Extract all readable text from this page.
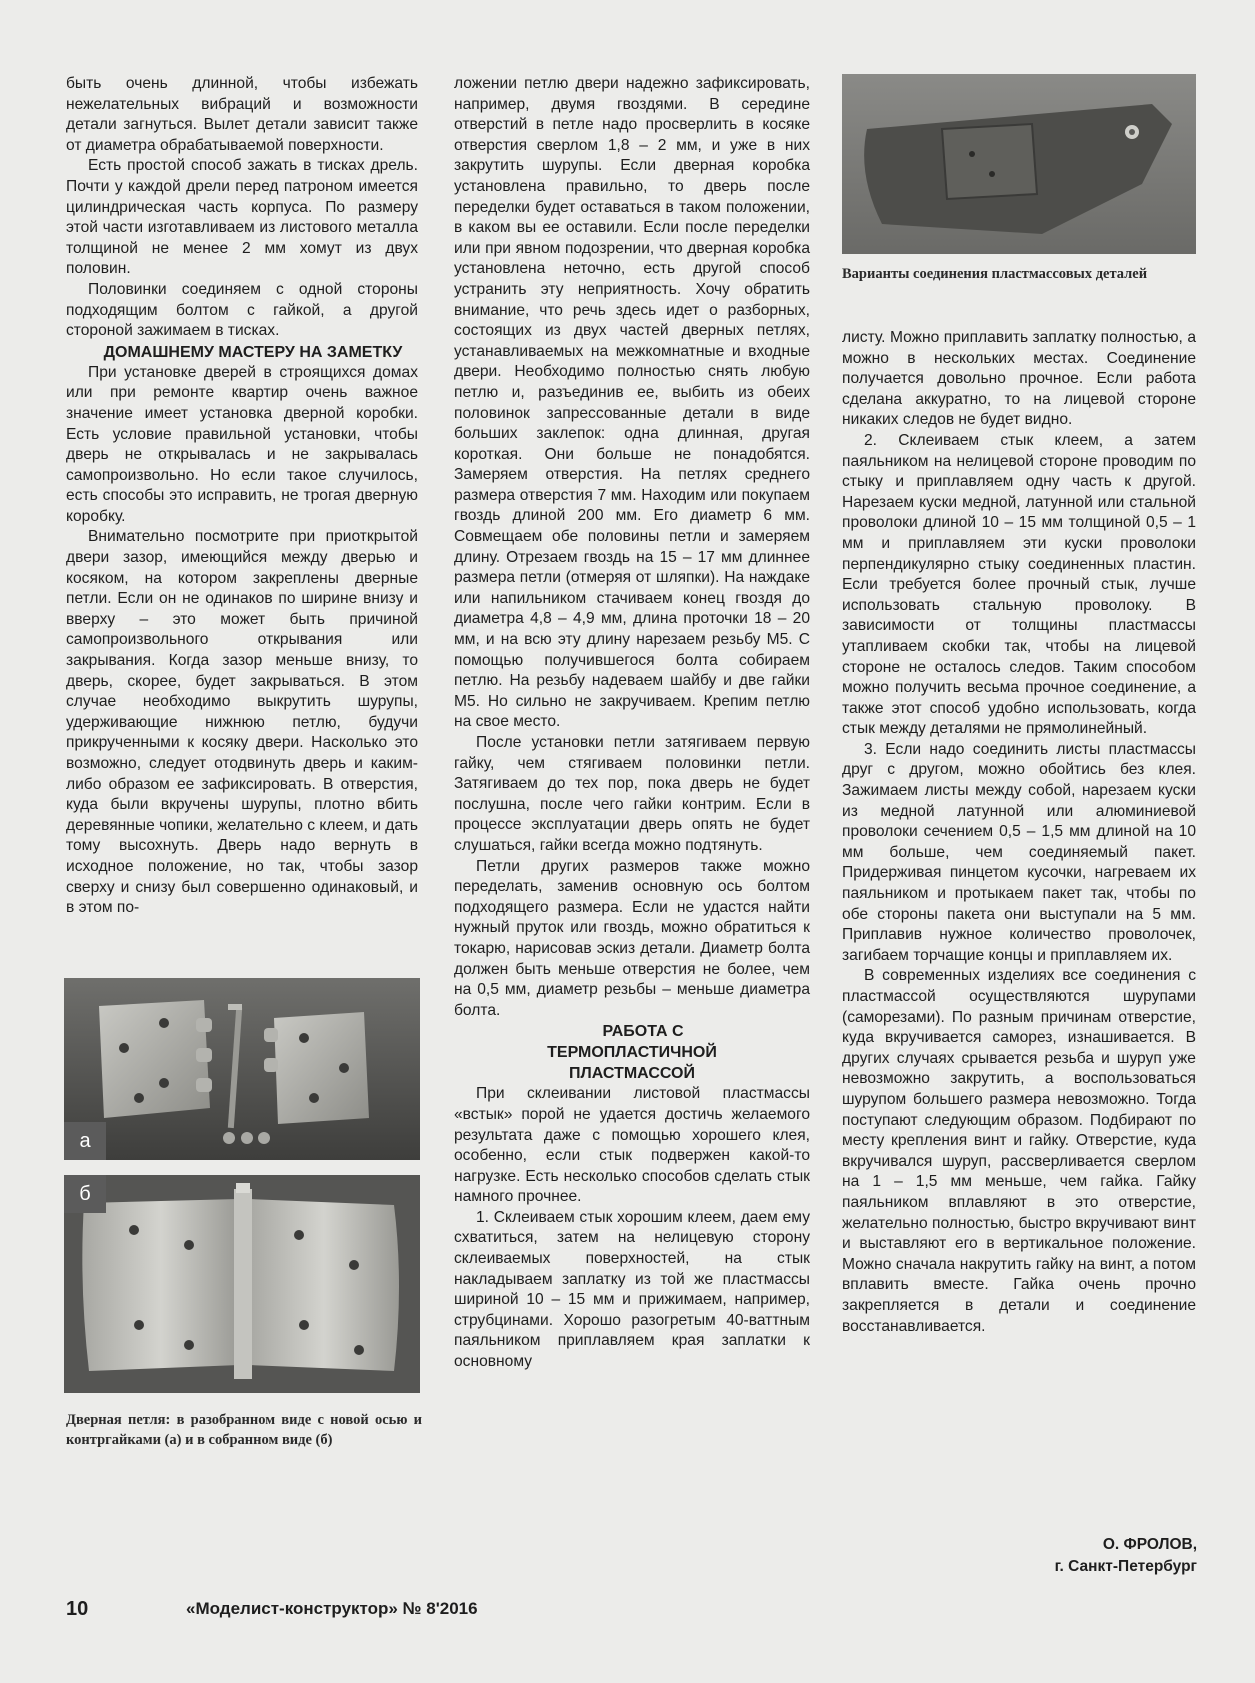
быть очень длинной, чтобы избежать нежелательных вибраций и возможности детали загнуться. Вылет детали зависит также от диаметра обрабатываемой поверхности.

Есть простой способ зажать в тисках дрель. Почти у каждой дрели перед патроном имеется цилиндрическая часть корпуса. По размеру этой части изготавливаем из листового металла толщиной не менее 2 мм хомут из двух половин.

Половинки соединяем с одной стороны подходящим болтом с гайкой, а другой стороной зажимаем в тисках.

ДОМАШНЕМУ МАСТЕРУ НА ЗАМЕТКУ

При установке дверей в строящихся домах или при ремонте квартир очень важное значение имеет установка дверной коробки. Есть условие правильной установки, чтобы дверь не открывалась и не закрывалась самопроизвольно. Но если такое случилось, есть способы это исправить, не трогая дверную коробку.

Внимательно посмотрите при приоткрытой двери зазор, имеющийся между дверью и косяком, на котором закреплены дверные петли. Если он не одинаков по ширине внизу и вверху – это может быть причиной самопроизвольного открывания или закрывания. Когда зазор меньше внизу, то дверь, скорее, будет закрываться. В этом случае необходимо выкрутить шурупы, удерживающие нижнюю петлю, будучи прикрученными к косяку двери. Насколько это возможно, следует отодвинуть дверь и каким-либо образом ее зафиксировать. В отверстия, куда были вкручены шурупы, плотно вбить деревянные чопики, желательно с клеем, и дать тому высохнуть. Дверь надо вернуть в исходное положение, но так, чтобы зазор сверху и снизу был совершенно одинаковый, и в этом по-

а
б
Дверная петля: в разобранном виде с новой осью и контргайками (а) и в собранном виде (б)

ложении петлю двери надежно зафиксировать, например, двумя гвоздями. В середине отверстий в петле надо просверлить в косяке отверстия сверлом 1,8 – 2 мм, и уже в них закрутить шурупы. Если дверная коробка установлена правильно, то дверь после переделки будет оставаться в таком положении, в каком вы ее оставили. Если после переделки или при явном подозрении, что дверная коробка установлена неточно, есть другой способ устранить эту неприятность. Хочу обратить внимание, что речь здесь идет о разборных, состоящих из двух частей дверных петлях, устанавливаемых на межкомнатные и входные двери. Необходимо полностью снять любую петлю и, разъединив ее, выбить из обеих половинок запрессованные детали в виде больших заклепок: одна длинная, другая короткая. Они больше не понадобятся. Замеряем отверстия. На петлях среднего размера отверстия 7 мм. Находим или покупаем гвоздь длиной 200 мм. Его диаметр 6 мм. Совмещаем обе половины петли и замеряем длину. Отрезаем гвоздь на 15 – 17 мм длиннее размера петли (отмеряя от шляпки). На наждаке или напильником стачиваем конец гвоздя до диаметра 4,8 – 4,9 мм, длина проточки 18 – 20 мм, и на всю эту длину нарезаем резьбу М5. С помощью получившегося болта собираем петлю. На резьбу надеваем шайбу и две гайки М5. Но сильно не закручиваем. Крепим петлю на свое место.

После установки петли затягиваем первую гайку, чем стягиваем половинки петли. Затягиваем до тех пор, пока дверь не будет послушна, после чего гайки контрим. Если в процессе эксплуатации дверь опять не будет слушаться, гайки всегда можно подтянуть.

Петли других размеров также можно переделать, заменив основную ось болтом подходящего размера. Если не удастся найти нужный пруток или гвоздь, можно обратиться к токарю, нарисовав эскиз детали. Диаметр болта должен быть меньше отверстия не более, чем на 0,5 мм, диаметр резьбы – меньше диаметра болта.

РАБОТА С ТЕРМОПЛАСТИЧНОЙ ПЛАСТМАССОЙ

При склеивании листовой пластмассы «встык» порой не удается достичь желаемого результата даже с помощью хорошего клея, особенно, если стык подвержен какой-то нагрузке. Есть несколько способов сделать стык намного прочнее.

1. Склеиваем стык хорошим клеем, даем ему схватиться, затем на нелицевую сторону склеиваемых поверхностей, на стык накладываем заплатку из той же пластмассы шириной 10 – 15 мм и прижимаем, например, струбцинами. Хорошо разогретым 40-ваттным паяльником приплавляем края заплатки к основному

Варианты соединения пластмассовых деталей

листу. Можно приплавить заплатку полностью, а можно в нескольких местах. Соединение получается довольно прочное. Если работа сделана аккуратно, то на лицевой стороне никаких следов не будет видно.

2. Склеиваем стык клеем, а затем паяльником на нелицевой стороне проводим по стыку и приплавляем одну часть к другой. Нарезаем куски медной, латунной или стальной проволоки длиной 10 – 15 мм толщиной 0,5 – 1 мм и приплавляем эти куски проволоки перпендикулярно стыку соединенных пластин. Если требуется более прочный стык, лучше использовать стальную проволоку. В зависимости от толщины пластмассы утапливаем скобки так, чтобы на лицевой стороне не осталось следов. Таким способом можно получить весьма прочное соединение, а также этот способ удобно использовать, когда стык между деталями не прямолинейный.

3. Если надо соединить листы пластмассы друг с другом, можно обойтись без клея. Зажимаем листы между собой, нарезаем куски из медной латунной или алюминиевой проволоки сечением 0,5 – 1,5 мм длиной на 10 мм больше, чем соединяемый пакет. Придерживая пинцетом кусочки, нагреваем их паяльником и протыкаем пакет так, чтобы по обе стороны пакета они выступали на 5 мм. Приплавив нужное количество проволочек, загибаем торчащие концы и приплавляем их.

В современных изделиях все соединения с пластмассой осуществляются шурупами (саморезами). По разным причинам отверстие, куда вкручивается саморез, изнашивается. В других случаях срывается резьба и шуруп уже невозможно закрутить, а воспользоваться шурупом большего размера невозможно. Тогда поступают следующим образом. Подбирают по месту крепления винт и гайку. Отверстие, куда вкручивался шуруп, рассверливается сверлом на 1 – 1,5 мм меньше, чем гайка. Гайку паяльником вплавляют в это отверстие, желательно полностью, быстро вкручивают винт и выставляют его в вертикальное положение. Можно сначала накрутить гайку на винт, а потом вплавить вместе. Гайка очень прочно закрепляется в детали и соединение восстанавливается.

О. ФРОЛОВ,
г. Санкт-Петербург
10	«Моделист-конструктор» № 8'2016
